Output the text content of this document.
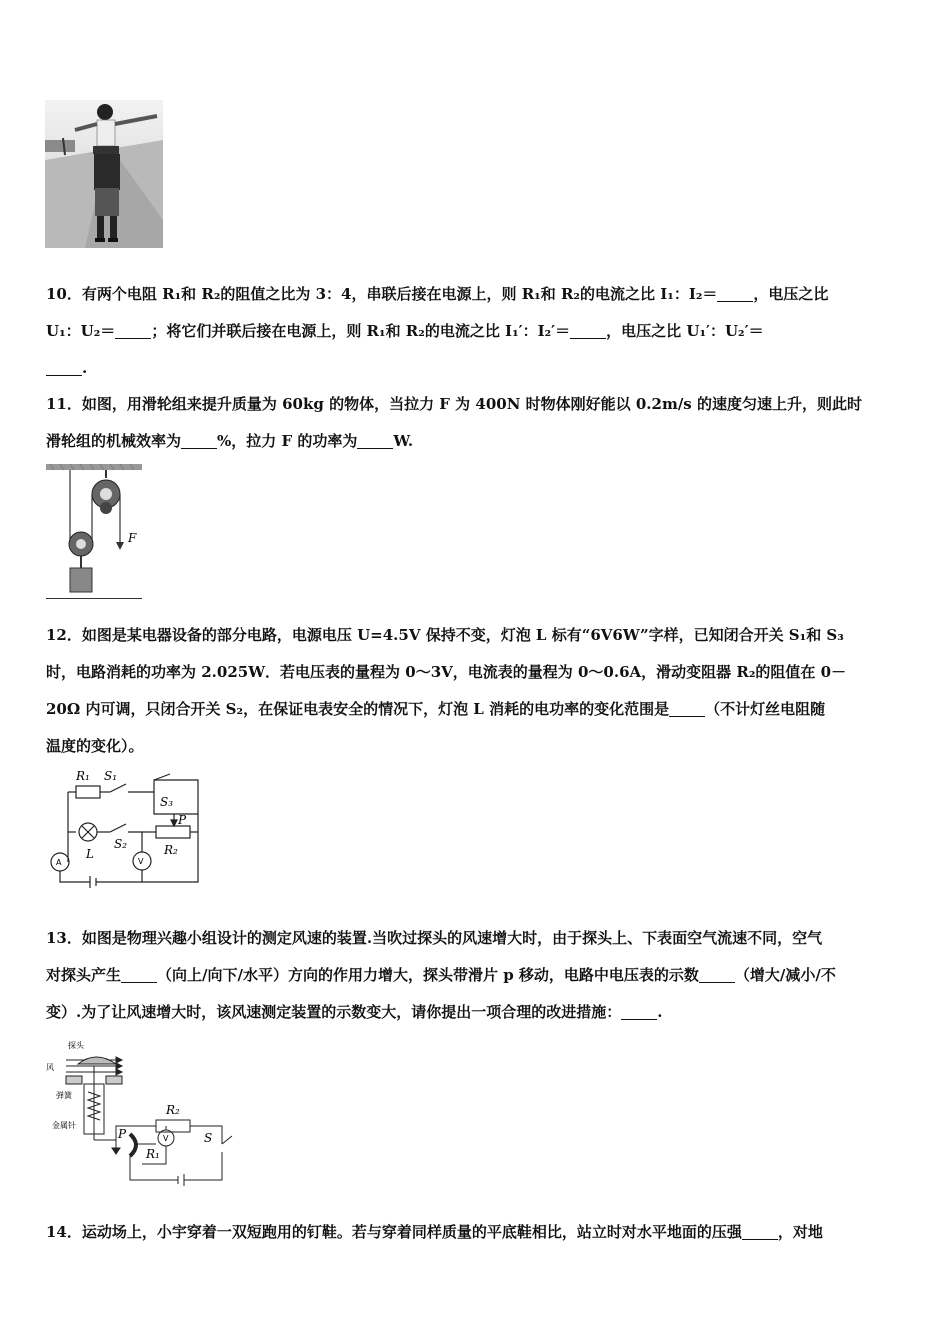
10．有两个电阻 R₁和 R₂的阻值之比为 3：4，串联后接在电源上，则 R₁和 R₂的电流之比 I₁：I₂＝ ，电压之比

U₁：U₂＝ ；将它们并联后接在电源上，则 R₁和 R₂的电流之比 I₁′：I₂′＝ ，电压之比 U₁′：U₂′＝

.

11．如图，用滑轮组来提升质量为 60kg 的物体，当拉力 F 为 400N 时物体刚好能以 0.2m/s 的速度匀速上升，则此时

滑轮组的机械效率为 %，拉力 F 的功率为 W.

F

12．如图是某电器设备的部分电路，电源电压 U=4.5V 保持不变，灯泡 L 标有“6V6W”字样，已知闭合开关 S₁和 S₃

时，电路消耗的功率为 2.025W．若电压表的量程为 0～3V，电流表的量程为 0～0.6A，滑动变阻器 R₂的阻值在 0－

20Ω 内可调，只闭合开关 S₂，在保证电表安全的情况下，灯泡 L 消耗的电功率的变化范围是 （不计灯丝电阻随

温度的变化）。

R₁ S₁
S₃
P
L
S₂	R₂
A	V

13．如图是物理兴趣小组设计的测定风速的装置.当吹过探头的风速增大时，由于探头上、下表面空气流速不同，空气

对探头产生 （向上/向下/水平）方向的作用力增大，探头带滑片 p 移动，电路中电压表的示数 （增大/减小/不

变）.为了让风速增大时，该风速测定装置的示数变大，请你提出一项合理的改进措施： .

探头
风
弹簧
金属针
P
R₁
R₂
V	S

14．运动场上，小宇穿着一双短跑用的钉鞋。若与穿着同样质量的平底鞋相比，站立时对水平地面的压强 ，对地
